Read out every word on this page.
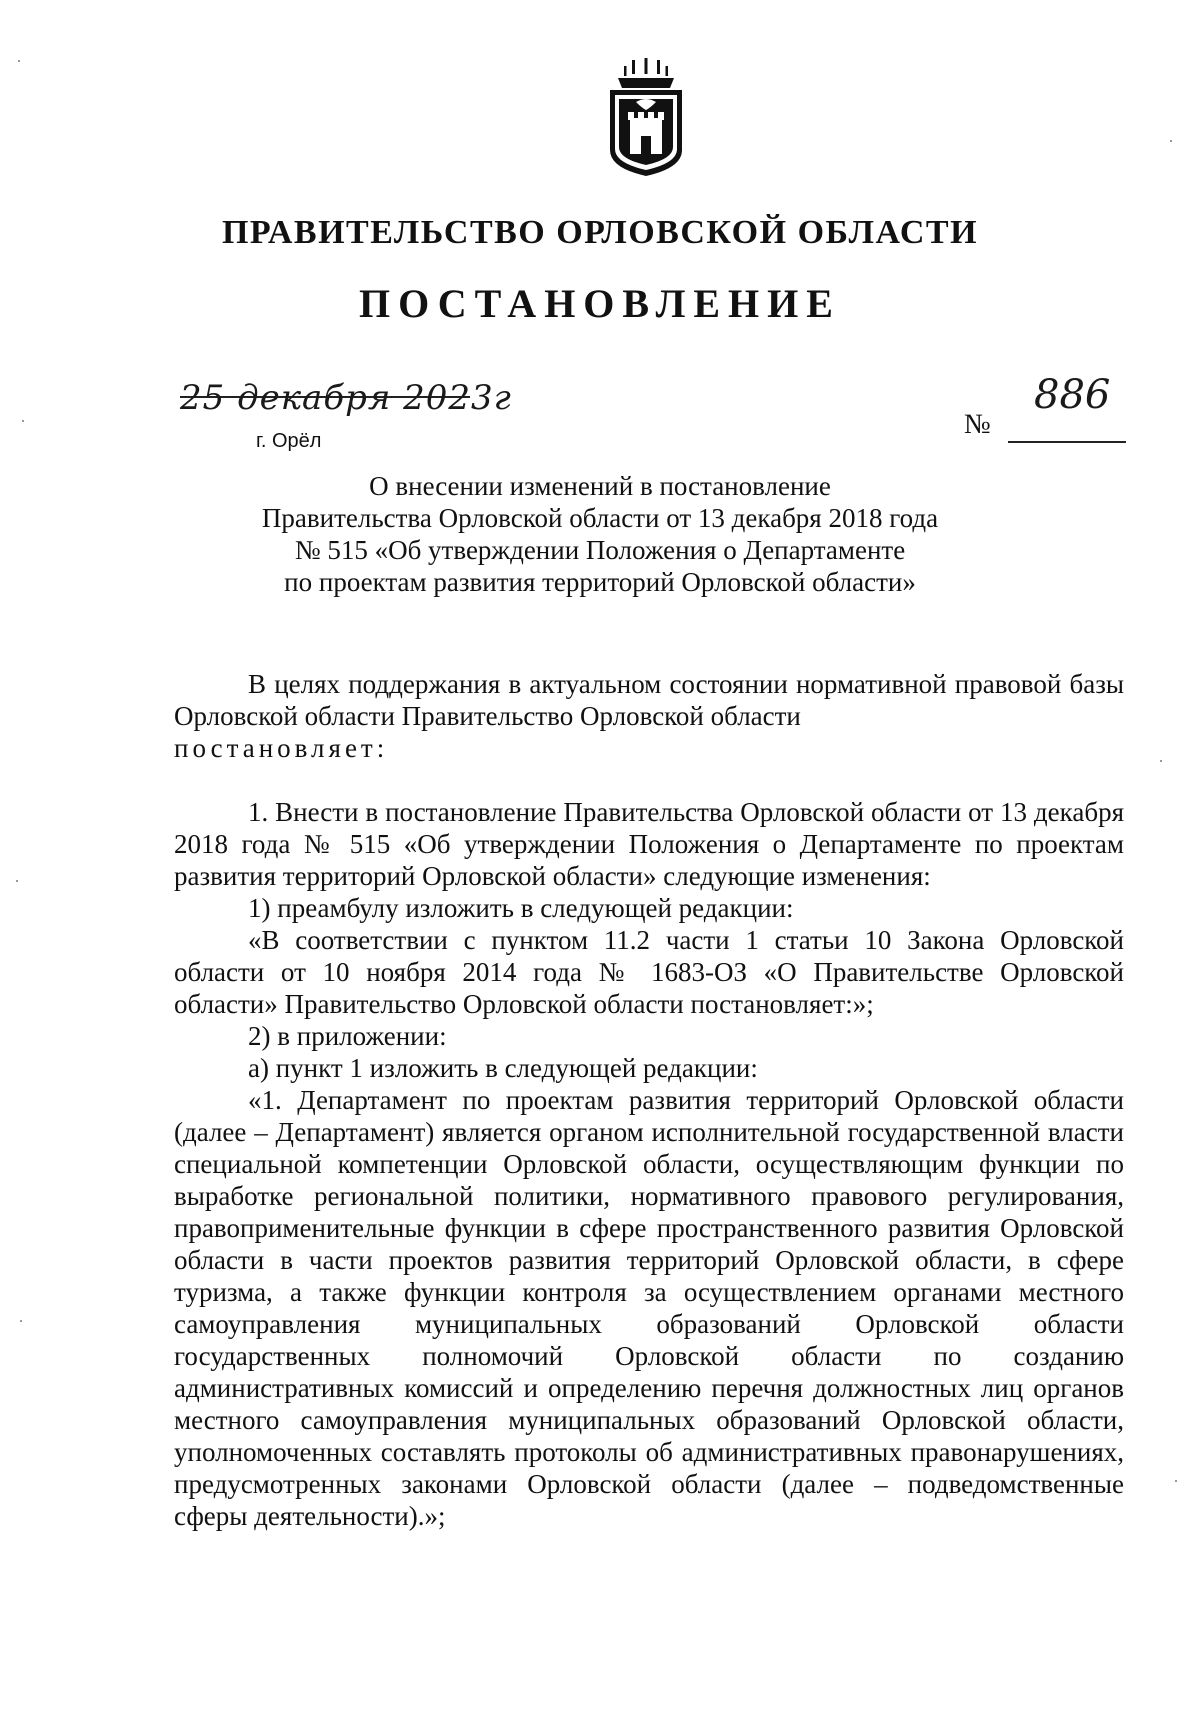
ПРАВИТЕЛЬСТВО ОРЛОВСКОЙ ОБЛАСТИ
ПОСТАНОВЛЕНИЕ
25 декабря 2023г
г. Орёл
№
886
О внесении изменений в постановление
Правительства Орловской области от 13 декабря 2018 года
№ 515 «Об утверждении Положения о Департаменте
по проектам развития территорий Орловской области»

В целях поддержания в актуальном состоянии нормативной правовой базы Орловской области Правительство Орловской области

постановляет:

1. Внести в постановление Правительства Орловской области от 13 декабря 2018 года № 515 «Об утверждении Положения о Департаменте по проектам развития территорий Орловской области» следующие изменения:

1) преамбулу изложить в следующей редакции:

«В соответствии с пунктом 11.2 части 1 статьи 10 Закона Орловской области от 10 ноября 2014 года № 1683-ОЗ «О Правительстве Орловской области» Правительство Орловской области постановляет:»;

2) в приложении:

а) пункт 1 изложить в следующей редакции:

«1. Департамент по проектам развития территорий Орловской области (далее – Департамент) является органом исполнительной государственной власти специальной компетенции Орловской области, осуществляющим функции по выработке региональной политики, нормативного правового регулирования, правоприменительные функции в сфере пространственного развития Орловской области в части проектов развития территорий Орловской области, в сфере туризма, а также функции контроля за осуществлением органами местного самоуправления муниципальных образований Орловской области государственных полномочий Орловской области по созданию административных комиссий и определению перечня должностных лиц органов местного самоуправления муниципальных образований Орловской области, уполномоченных составлять протоколы об административных правонарушениях, предусмотренных законами Орловской области (далее – подведомственные сферы деятельности).»;
